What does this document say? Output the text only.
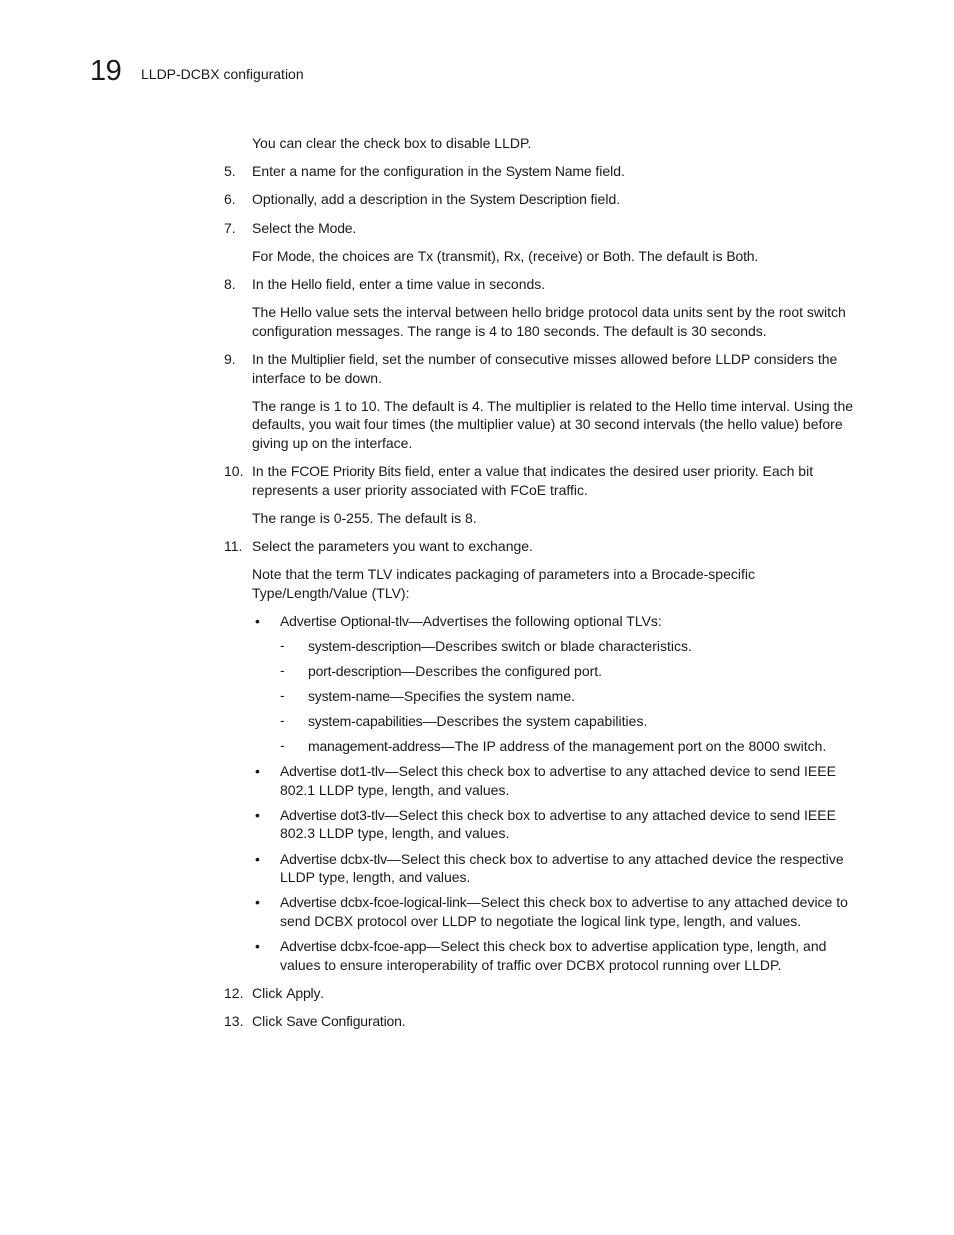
19 LLDP-DCBX configuration

You can clear the check box to disable LLDP.

5. Enter a name for the configuration in the System Name field.
6. Optionally, add a description in the System Description field.
7. Select the Mode.

For Mode, the choices are Tx (transmit), Rx, (receive) or Both. The default is Both.

8. In the Hello field, enter a time value in seconds.

The Hello value sets the interval between hello bridge protocol data units sent by the root switch configuration messages. The range is 4 to 180 seconds. The default is 30 seconds.

9. In the Multiplier field, set the number of consecutive misses allowed before LLDP considers the interface to be down.

The range is 1 to 10. The default is 4. The multiplier is related to the Hello time interval. Using the defaults, you wait four times (the multiplier value) at 30 second intervals (the hello value) before giving up on the interface.

10. In the FCOE Priority Bits field, enter a value that indicates the desired user priority. Each bit represents a user priority associated with FCoE traffic.

The range is 0-255. The default is 8.

11. Select the parameters you want to exchange.

Note that the term TLV indicates packaging of parameters into a Brocade-specific Type/Length/Value (TLV):

• Advertise Optional-tlv—Advertises the following optional TLVs:
- system-description—Describes switch or blade characteristics.
- port-description—Describes the configured port.
- system-name—Specifies the system name.
- system-capabilities—Describes the system capabilities.
- management-address—The IP address of the management port on the 8000 switch.
• Advertise dot1-tlv—Select this check box to advertise to any attached device to send IEEE 802.1 LLDP type, length, and values.
• Advertise dot3-tlv—Select this check box to advertise to any attached device to send IEEE 802.3 LLDP type, length, and values.
• Advertise dcbx-tlv—Select this check box to advertise to any attached device the respective LLDP type, length, and values.
• Advertise dcbx-fcoe-logical-link—Select this check box to advertise to any attached device to send DCBX protocol over LLDP to negotiate the logical link type, length, and values.
• Advertise dcbx-fcoe-app—Select this check box to advertise application type, length, and values to ensure interoperability of traffic over DCBX protocol running over LLDP.
12. Click Apply.
13. Click Save Configuration.
